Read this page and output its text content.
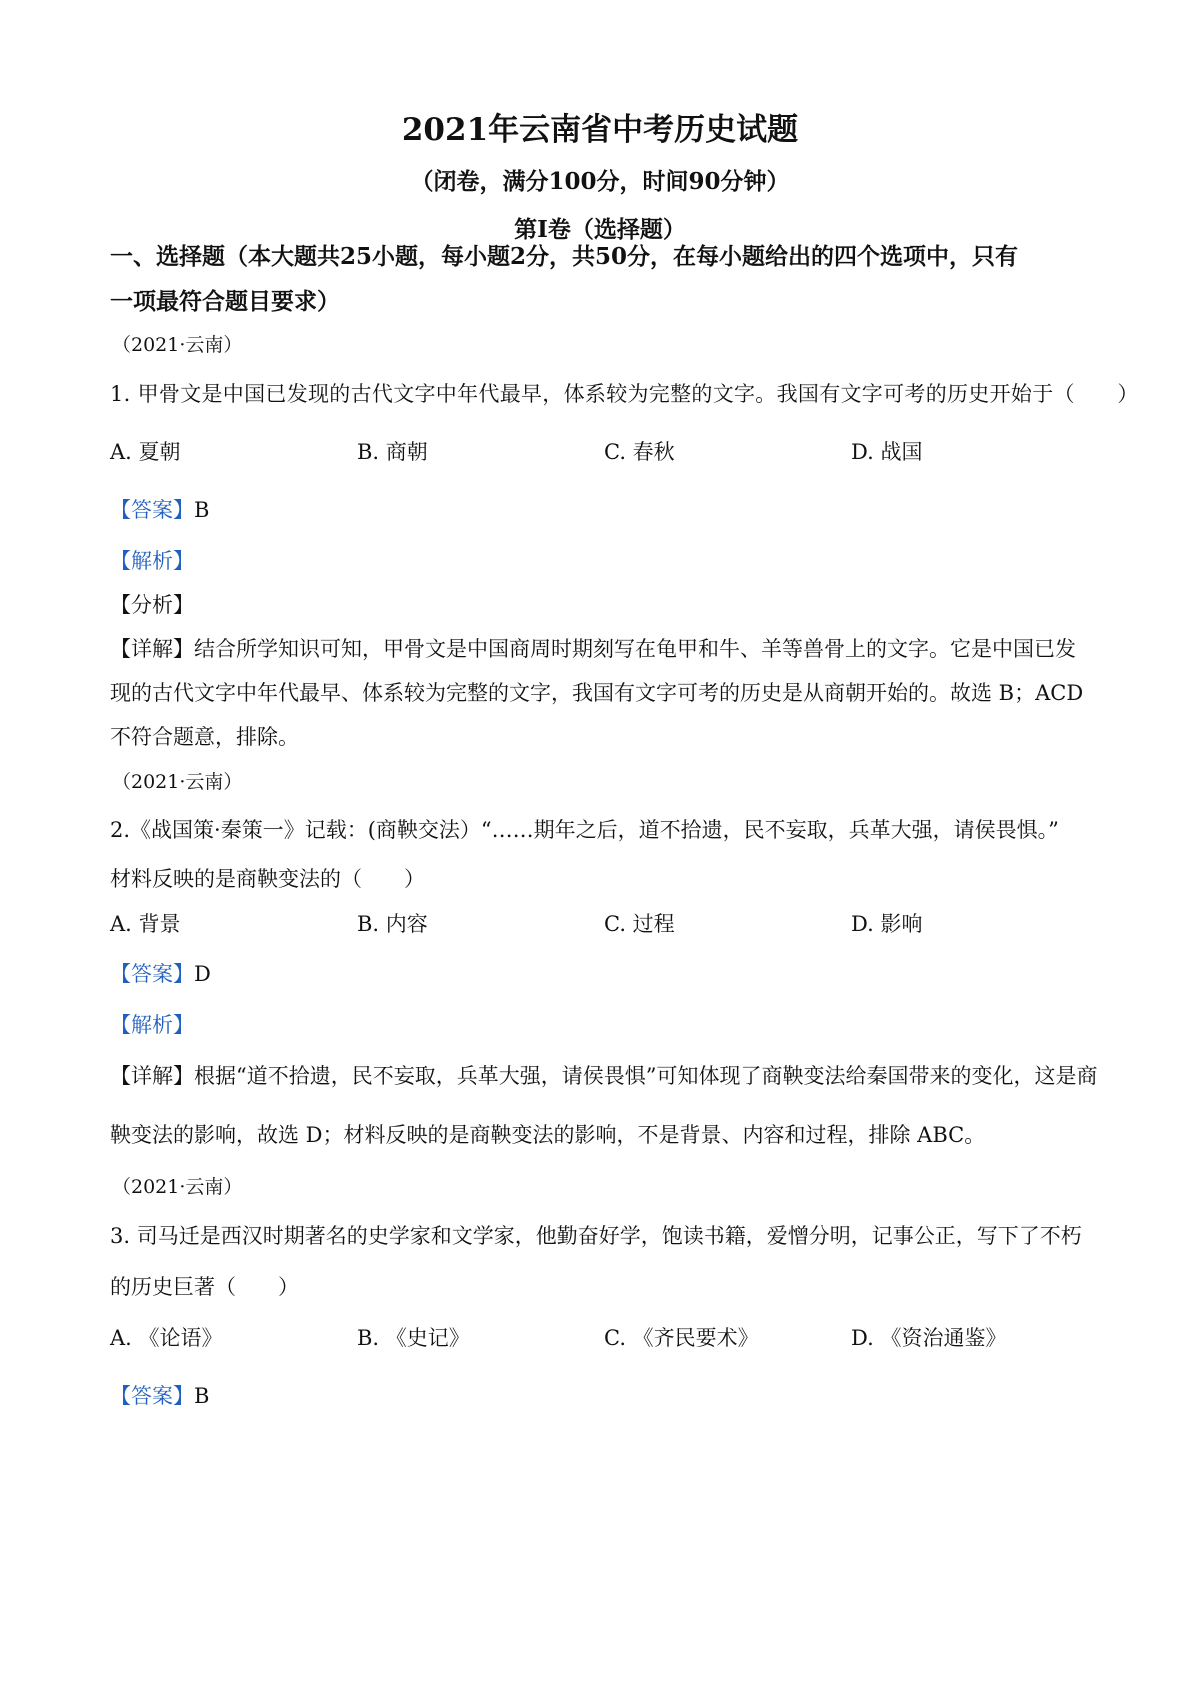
2021年云南省中考历史试题
（闭卷，满分100分，时间90分钟）
第Ⅰ卷（选择题）
一、选择题（本大题共25小题，每小题2分，共50分，在每小题给出的四个选项中，只有
一项最符合题目要求）
（2021·云南）
1. 甲骨文是中国已发现的古代文字中年代最早，体系较为完整的文字。我国有文字可考的历史开始于（　　）
A. 夏朝	B. 商朝	C. 春秋	D. 战国
【答案】B
【解析】
【分析】
【详解】结合所学知识可知，甲骨文是中国商周时期刻写在龟甲和牛、羊等兽骨上的文字。它是中国已发
现的古代文字中年代最早、体系较为完整的文字，我国有文字可考的历史是从商朝开始的。故选 B；ACD
不符合题意，排除。
（2021·云南）
2.《战国策·秦策一》记载：(商鞅交法）“……期年之后，道不拾遗，民不妄取，兵革大强，请侯畏惧。”
材料反映的是商鞅变法的（　　）
A. 背景	B. 内容	C. 过程	D. 影响
【答案】D
【解析】
【详解】根据“道不拾遗，民不妄取，兵革大强，请侯畏惧”可知体现了商鞅变法给秦国带来的变化，这是商
鞅变法的影响，故选 D；材料反映的是商鞅变法的影响，不是背景、内容和过程，排除 ABC。
（2021·云南）
3. 司马迁是西汉时期著名的史学家和文学家，他勤奋好学，饱读书籍，爱憎分明，记事公正，写下了不朽
的历史巨著（　　）
A. 《论语》	B. 《史记》	C. 《齐民要术》	D. 《资治通鉴》
【答案】B
